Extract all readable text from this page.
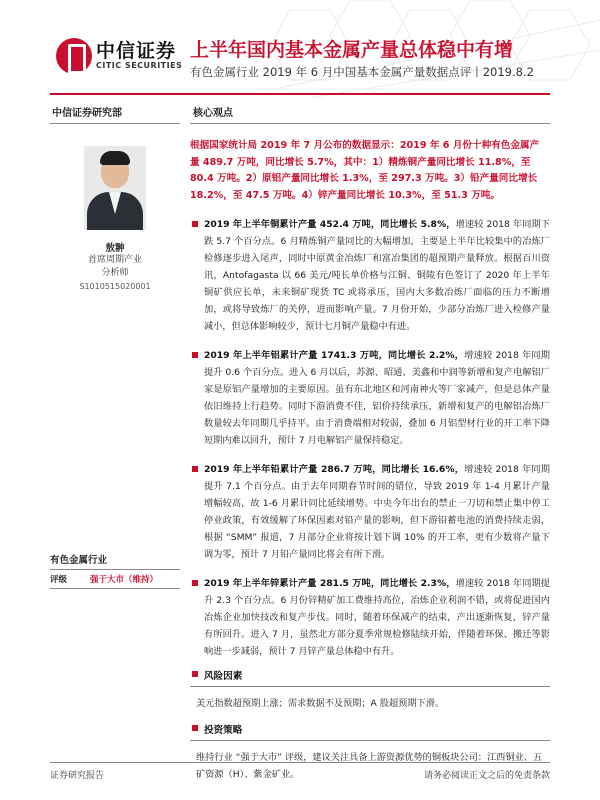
中信证券
CITIC SECURITIES
上半年国内基本金属产量总体稳中有增
有色金属行业 2019 年 6 月中国基本金属产量数据点评丨2019.8.2
中信证券研究部
敖翀
首席周期产业
分析师
S1010515020001
有色金属行业
评级	强于大市（维持）
核心观点
根据国家统计局 2019 年 7 月公布的数据显示：2019 年 6 月份十种有色金属产量 489.7 万吨，同比增长 5.7%，其中：1）精炼铜产量同比增长 11.8%，至 80.4 万吨。2）原铝产量同比增长 1.3%，至 297.3 万吨。3）铅产量同比增长 18.2%，至 47.5 万吨。4）锌产量同比增长 10.3%，至 51.3 万吨。
2019 年上半年铜累计产量 452.4 万吨，同比增长 5.8%，增速较 2018 年同期下跌 5.7 个百分点。6 月精炼铜产量同比的大幅增加，主要是上半年比较集中的冶炼厂检修逐步进入尾声，同时中原黄金冶炼厂和富冶集团的超预期产量释放。根据百川资讯，Antofagasta 以 66 美元/吨长单价格与江铜、铜陵有色签订了 2020 年上半年铜矿供应长单，未来铜矿现货 TC 或将承压，国内大多数冶炼厂面临的压力不断增加，或将导致炼厂的关停，进而影响产量。7 月份开始，少部分冶炼厂进入检修产量减小，但总体影响较少，预计七月铜产量稳中有进。
2019 年上半年铝累计产量 1741.3 万吨，同比增长 2.2%，增速较 2018 年同期提升 0.6 个百分点。进入 6 月以后，苏源、昭通、美鑫和中润等新增和复产电解铝厂家是原铝产量增加的主要原因。虽有东北地区和河南神火等厂家减产，但是总体产量依旧维持上行趋势。同时下游消费不佳，铝价持续承压，新增和复产的电解铝冶炼厂数量较去年同期几乎持平。由于消费端相对较弱，叠加 6 月铝型材行业的开工率下降短期内难以回升，预计 7 月电解铝产量保持稳定。
2019 年上半年铅累计产量 286.7 万吨，同比增长 16.6%，增速较 2018 年同期提升 7.1 个百分点。由于去年同期春节时间的错位，导致 2019 年 1-4 月累计产量增幅较高，故 1-6 月累计同比延续增势。中央今年出台的禁止一刀切和禁止集中停工停业政策，有效缓解了环保因素对铅产量的影响，但下游铅蓄电池的消费持续走弱，根据 “SMM” 报道，7 月部分企业将按计划下调 10% 的开工率，更有少数将产量下调为零，预计 7 月铅产量同比将会有所下滑。
2019 年上半年锌累计产量 281.5 万吨，同比增长 2.3%，增速较 2018 年同期提升 2.3 个百分点。6 月份锌精矿加工费维持高位，冶炼企业利润不错，或将促进国内冶炼企业加快技改和复产步伐。同时，随着环保减产的结束，产出逐渐恢复，锌产量有所回升。进入 7 月，虽然北方部分夏季常规检修陆续开始，伴随着环保、搬迁等影响进一步减弱，预计 7 月锌产量总体稳中有升。
风险因素
美元指数超预期上涨；需求数据不及预期；A 股超预期下滑。
投资策略
维持行业 “强于大市” 评级，建议关注具备上游资源优势的铜板块公司：江西铜业、五矿资源（H）、紫金矿业。
证券研究报告	请务必阅读正文之后的免责条款
